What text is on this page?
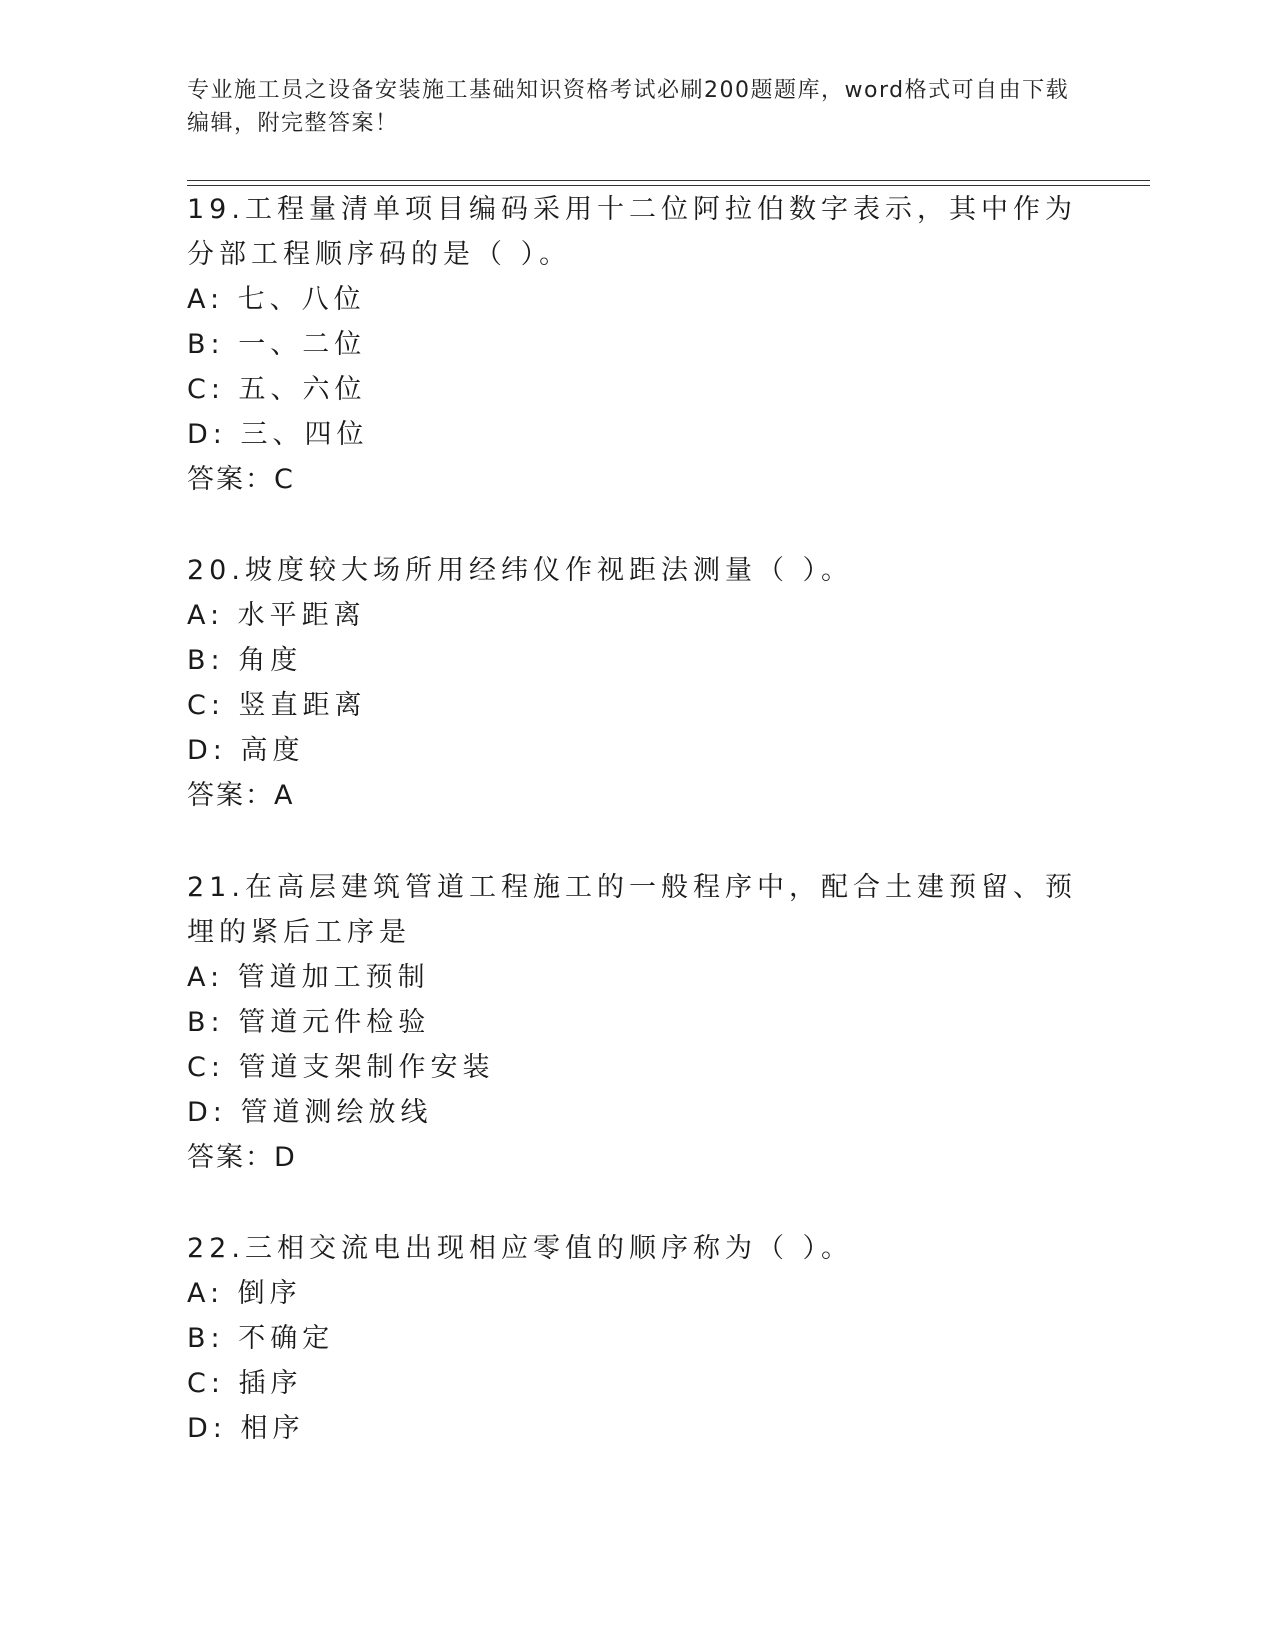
专业施工员之设备安装施工基础知识资格考试必刷200题题库，word格式可自由下载编辑，附完整答案！

19.工程量清单项目编码采用十二位阿拉伯数字表示，其中作为分部工程顺序码的是（ ）。

A: 七、八位

B: 一、二位

C: 五、六位

D: 三、四位

答案：C

20.坡度较大场所用经纬仪作视距法测量（ ）。

A: 水平距离

B: 角度

C: 竖直距离

D: 高度

答案：A

21.在高层建筑管道工程施工的一般程序中，配合土建预留、预埋的紧后工序是

A: 管道加工预制

B: 管道元件检验

C: 管道支架制作安装

D: 管道测绘放线

答案：D

22.三相交流电出现相应零值的顺序称为（ ）。

A: 倒序

B: 不确定

C: 插序

D: 相序
